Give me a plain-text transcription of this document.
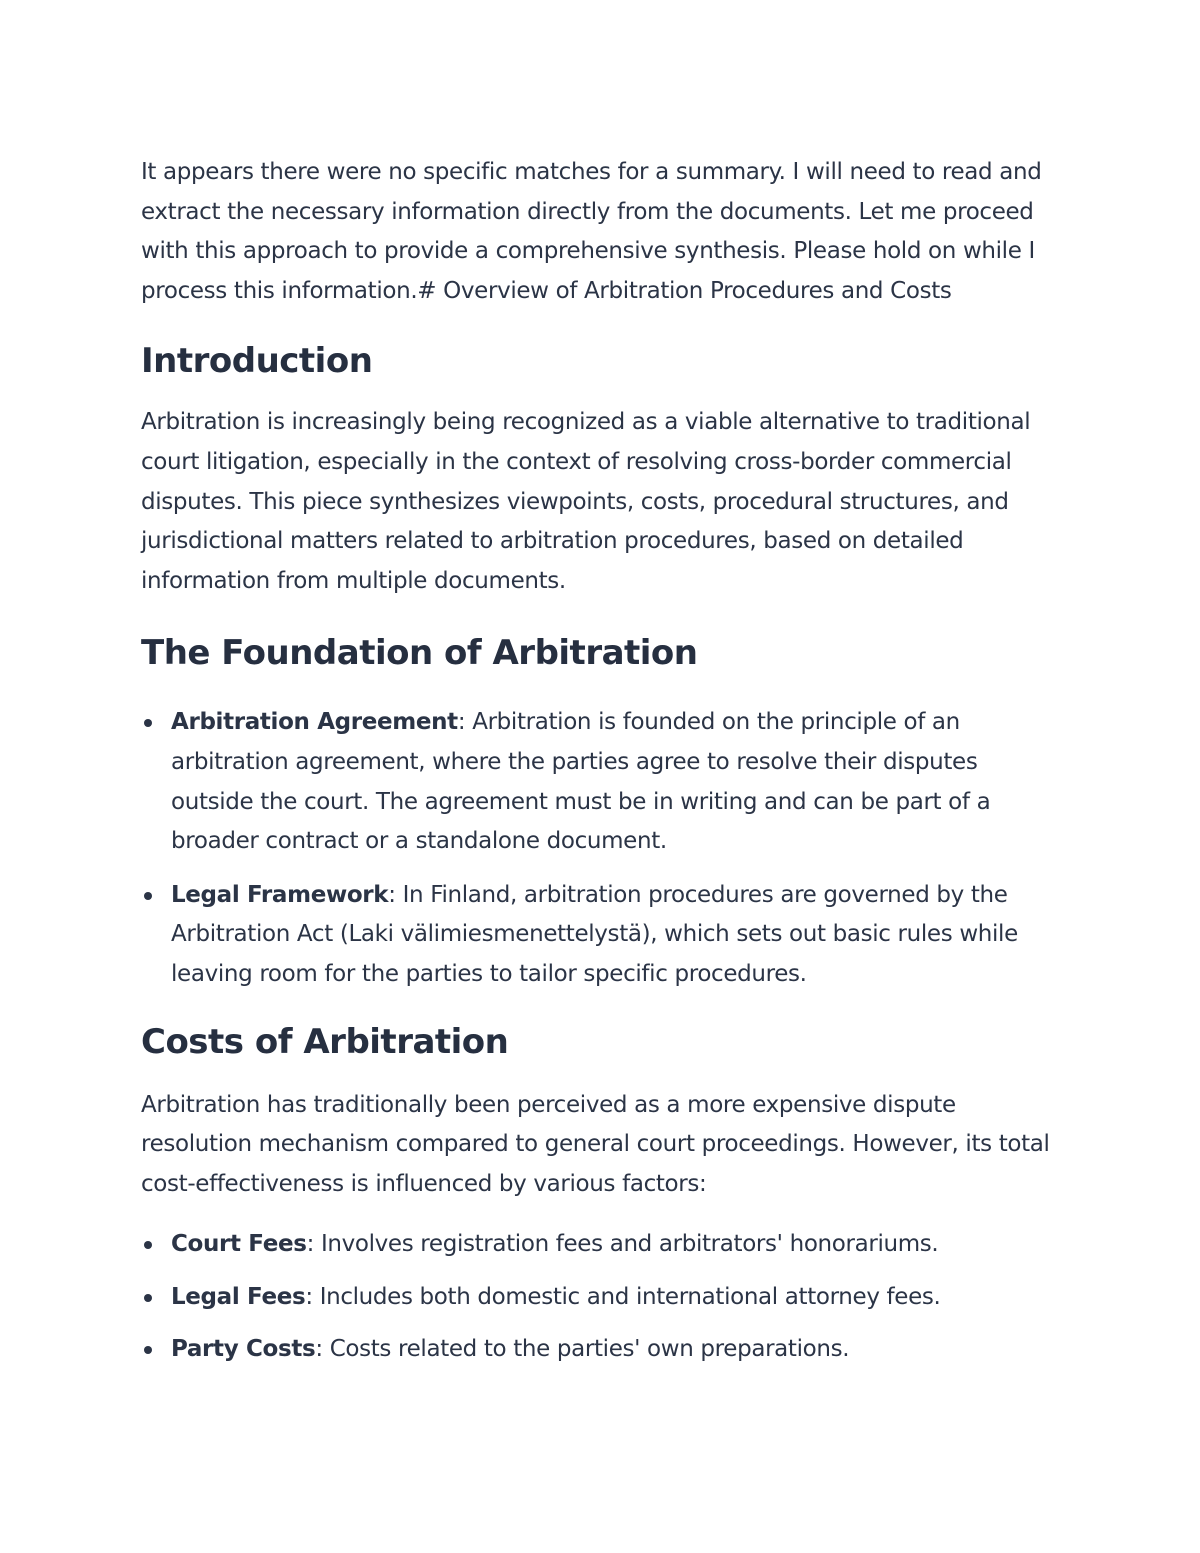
It appears there were no specific matches for a summary. I will need to read and extract the necessary information directly from the documents. Let me proceed with this approach to provide a comprehensive synthesis. Please hold on while I process this information.# Overview of Arbitration Procedures and Costs

Introduction

Arbitration is increasingly being recognized as a viable alternative to traditional court litigation, especially in the context of resolving cross-border commercial disputes. This piece synthesizes viewpoints, costs, procedural structures, and jurisdictional matters related to arbitration procedures, based on detailed information from multiple documents.

The Foundation of Arbitration
Arbitration Agreement: Arbitration is founded on the principle of an arbitration agreement, where the parties agree to resolve their disputes outside the court. The agreement must be in writing and can be part of a broader contract or a standalone document.
Legal Framework: In Finland, arbitration procedures are governed by the Arbitration Act (Laki välimiesmenettelystä), which sets out basic rules while leaving room for the parties to tailor specific procedures.
Costs of Arbitration

Arbitration has traditionally been perceived as a more expensive dispute resolution mechanism compared to general court proceedings. However, its total cost-effectiveness is influenced by various factors:

Court Fees: Involves registration fees and arbitrators' honorariums.
Legal Fees: Includes both domestic and international attorney fees.
Party Costs: Costs related to the parties' own preparations.
